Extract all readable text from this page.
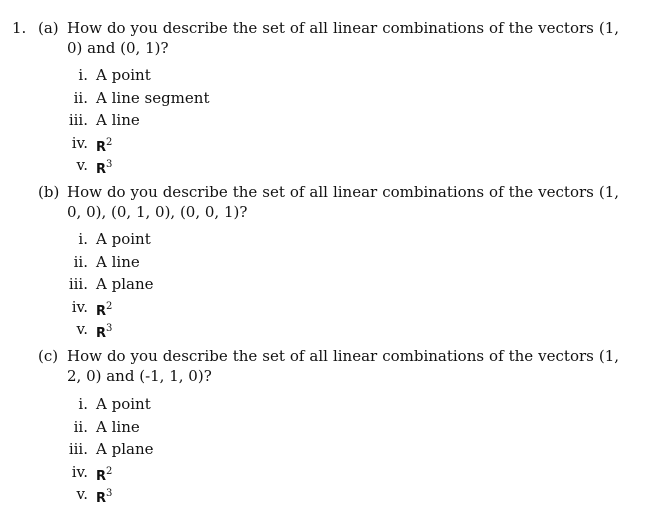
1. (a) How do you describe the set of all linear combinations of the vectors (1, 0) and (0, 1)?
i. A point
ii. A line segment
iii. A line
iv. $R^2$
v. $R^3$
(b) How do you describe the set of all linear combinations of the vectors (1, 0, 0), (0, 1, 0), (0, 0, 1)?
i. A point
ii. A line
iii. A plane
iv. $R^2$
v. $R^3$
(c) How do you describe the set of all linear combinations of the vectors (1, 2, 0) and (-1, 1, 0)?
i. A point
ii. A line
iii. A plane
iv. $R^2$
v. $R^3$
